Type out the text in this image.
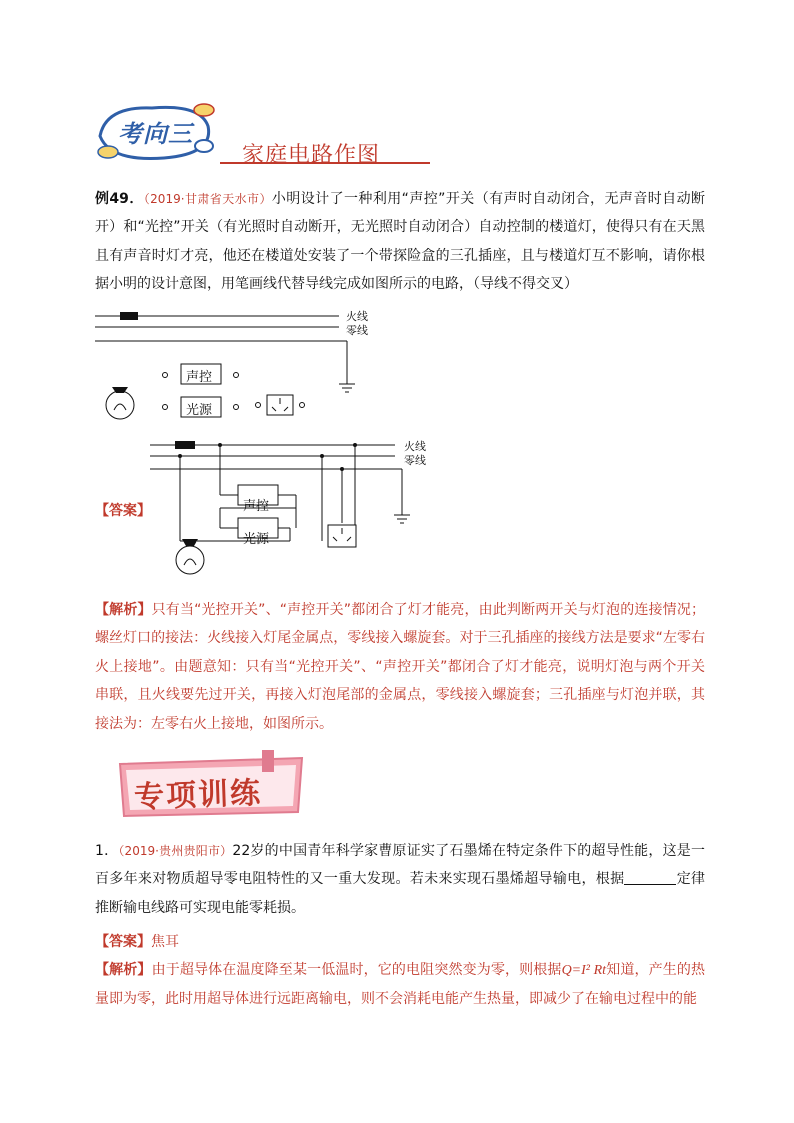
考向三
家庭电路作图
例49．（2019·甘肃省天水市）小明设计了一种利用“声控”开关（有声时自动闭合，无声音时自动断开）和“光控”开关（有光照时自动断开，无光照时自动闭合）自动控制的楼道灯，使得只有在天黑且有声音时灯才亮，他还在楼道处安装了一个带探险盒的三孔插座，且与楼道灯互不影响，请你根据小明的设计意图，用笔画线代替导线完成如图所示的电路，（导线不得交叉）
火线
零线
声控
光源
【答案】
火线
零线
声控
光源
【解析】只有当“光控开关”、“声控开关”都闭合了灯才能亮，由此判断两开关与灯泡的连接情况；螺丝灯口的接法：火线接入灯尾金属点，零线接入螺旋套。对于三孔插座的接线方法是要求“左零右火上接地”。由题意知：只有当“光控开关”、“声控开关”都闭合了灯才能亮，说明灯泡与两个开关串联，且火线要先过开关，再接入灯泡尾部的金属点，零线接入螺旋套；三孔插座与灯泡并联，其接法为：左零右火上接地，如图所示。
专项训练
1．（2019·贵州贵阳市）22岁的中国青年科学家曹原证实了石墨烯在特定条件下的超导性能，这是一百多年来对物质超导零电阻特性的又一重大发现。若未来实现石墨烯超导输电，根据	定律推断输电线路可实现电能零耗损。
【答案】焦耳
【解析】由于超导体在温度降至某一低温时，它的电阻突然变为零，则根据Q=I² Rt知道，产生的热量即为零，此时用超导体进行远距离输电，则不会消耗电能产生热量，即减少了在输电过程中的能
